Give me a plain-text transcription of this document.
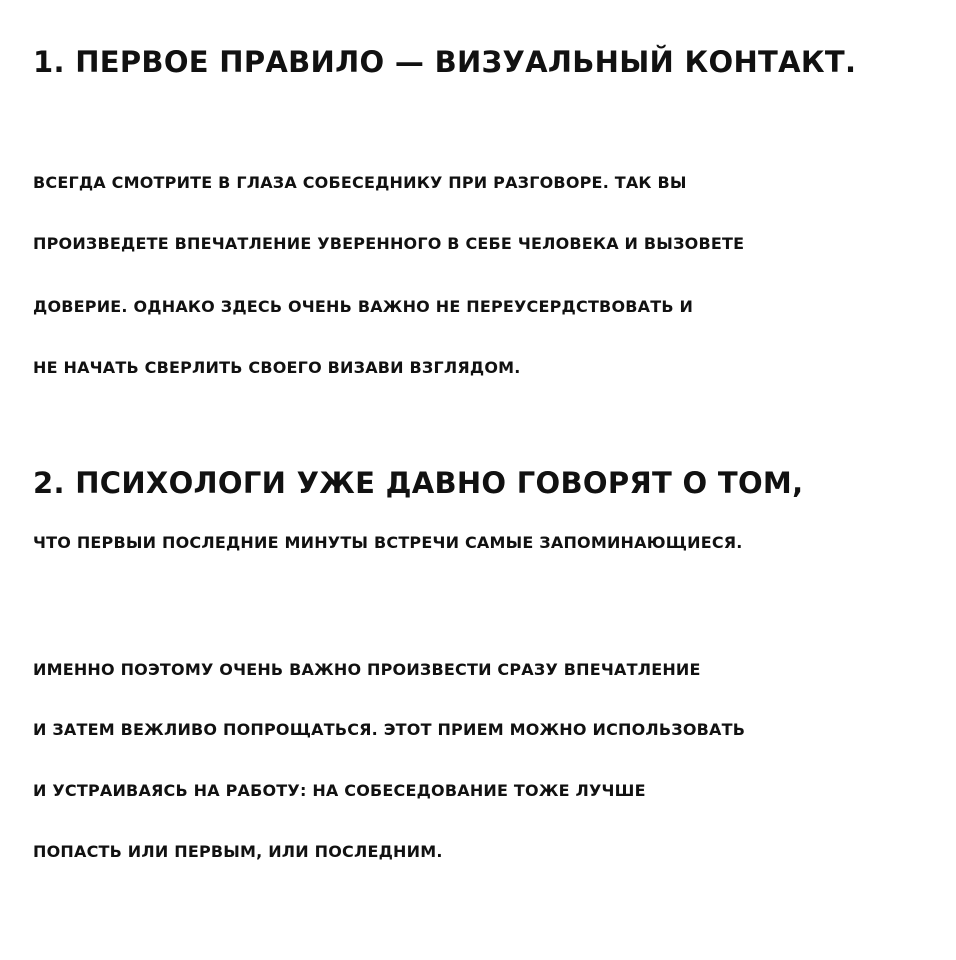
1. ПЕРВОЕ ПРАВИЛО — ВИЗУАЛЬНЫЙ КОНТАКТ.

ВСЕГДА СМОТРИТЕ В ГЛАЗА СОБЕСЕДНИКУ ПРИ РАЗГОВОРЕ. ТАК ВЫ

ПРОИЗВЕДЕТЕ ВПЕЧАТЛЕНИЕ УВЕРЕННОГО В СЕБЕ ЧЕЛОВЕКА И ВЫЗОВЕТЕ

ДОВЕРИЕ. ОДНАКО ЗДЕСЬ ОЧЕНЬ ВАЖНО НЕ ПЕРЕУСЕРДСТВОВАТЬ И

НЕ НАЧАТЬ СВЕРЛИТЬ СВОЕГО ВИЗАВИ ВЗГЛЯДОМ.

2. ПСИХОЛОГИ УЖЕ ДАВНО ГОВОРЯТ О ТОМ,

ЧТО ПЕРВЫИ ПОСЛЕДНИЕ МИНУТЫ ВСТРЕЧИ САМЫЕ ЗАПОМИНАЮЩИЕСЯ.

ИМЕННО ПОЭТОМУ ОЧЕНЬ ВАЖНО ПРОИЗВЕСТИ СРАЗУ ВПЕЧАТЛЕНИЕ

И ЗАТЕМ ВЕЖЛИВО ПОПРОЩАТЬСЯ. ЭТОТ ПРИЕМ МОЖНО ИСПОЛЬЗОВАТЬ

И УСТРАИВАЯСЬ НА РАБОТУ: НА СОБЕСЕДОВАНИЕ ТОЖЕ ЛУЧШЕ

ПОПАСТЬ ИЛИ ПЕРВЫМ, ИЛИ ПОСЛЕДНИМ.
